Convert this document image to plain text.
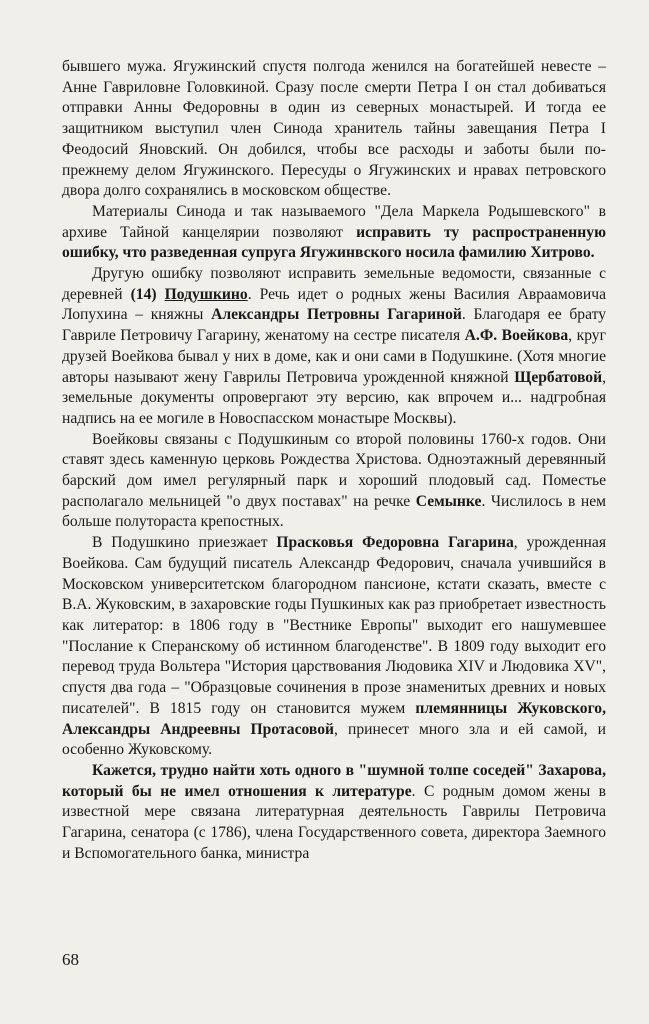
бывшего мужа. Ягужинский спустя полгода женился на богатейшей невесте – Анне Гавриловне Головкиной. Сразу после смерти Петра I он стал добиваться отправки Анны Федоровны в один из северных монастырей. И тогда ее защитником выступил член Синода хранитель тайны завещания Петра I Феодосий Яновский. Он добился, чтобы все расходы и заботы были по-прежнему делом Ягужинского. Пересуды о Ягужинских и нравах петровского двора долго сохранялись в московском обществе.

Материалы Синода и так называемого "Дела Маркела Родышевского" в архиве Тайной канцелярии позволяют исправить ту распространенную ошибку, что разведенная супруга Ягужинвского носила фамилию Хитрово.

Другую ошибку позволяют исправить земельные ведомости, связанные с деревней (14) Подушкино. Речь идет о родных жены Василия Авраамовича Лопухина – княжны Александры Петровны Гагариной. Благодаря ее брату Гавриле Петровичу Гагарину, женатому на сестре писателя А.Ф. Воейкова, круг друзей Воейкова бывал у них в доме, как и они сами в Подушкине. (Хотя многие авторы называют жену Гаврилы Петровича урожденной княжной Щербатовой, земельные документы опровергают эту версию, как впрочем и... надгробная надпись на ее могиле в Новоспасском монастыре Москвы).

Воейковы связаны с Подушкиным со второй половины 1760-х годов. Они ставят здесь каменную церковь Рождества Христова. Одноэтажный деревянный барский дом имел регулярный парк и хороший плодовый сад. Поместье располагало мельницей "о двух поставах" на речке Семынке. Числилось в нем больше полутораста крепостных.

В Подушкино приезжает Прасковья Федоровна Гагарина, урожденная Воейкова. Сам будущий писатель Александр Федорович, сначала учившийся в Московском университетском благородном пансионе, кстати сказать, вместе с В.А. Жуковским, в захаровские годы Пушкиных как раз приобретает известность как литератор: в 1806 году в "Вестнике Европы" выходит его нашумевшее "Послание к Сперанскому об истинном благоденстве". В 1809 году выходит его перевод труда Вольтера "История царствования Людовика XIV и Людовика XV", спустя два года – "Образцовые сочинения в прозе знаменитых древних и новых писателей". В 1815 году он становится мужем племянницы Жуковского, Александры Андреевны Протасовой, принесет много зла и ей самой, и особенно Жуковскому.

Кажется, трудно найти хоть одного в "шумной толпе соседей" Захарова, который бы не имел отношения к литературе. С родным домом жены в известной мере связана литературная деятельность Гаврилы Петровича Гагарина, сенатора (с 1786), члена Государственного совета, директора Заемного и Вспомогательного банка, министра

68
